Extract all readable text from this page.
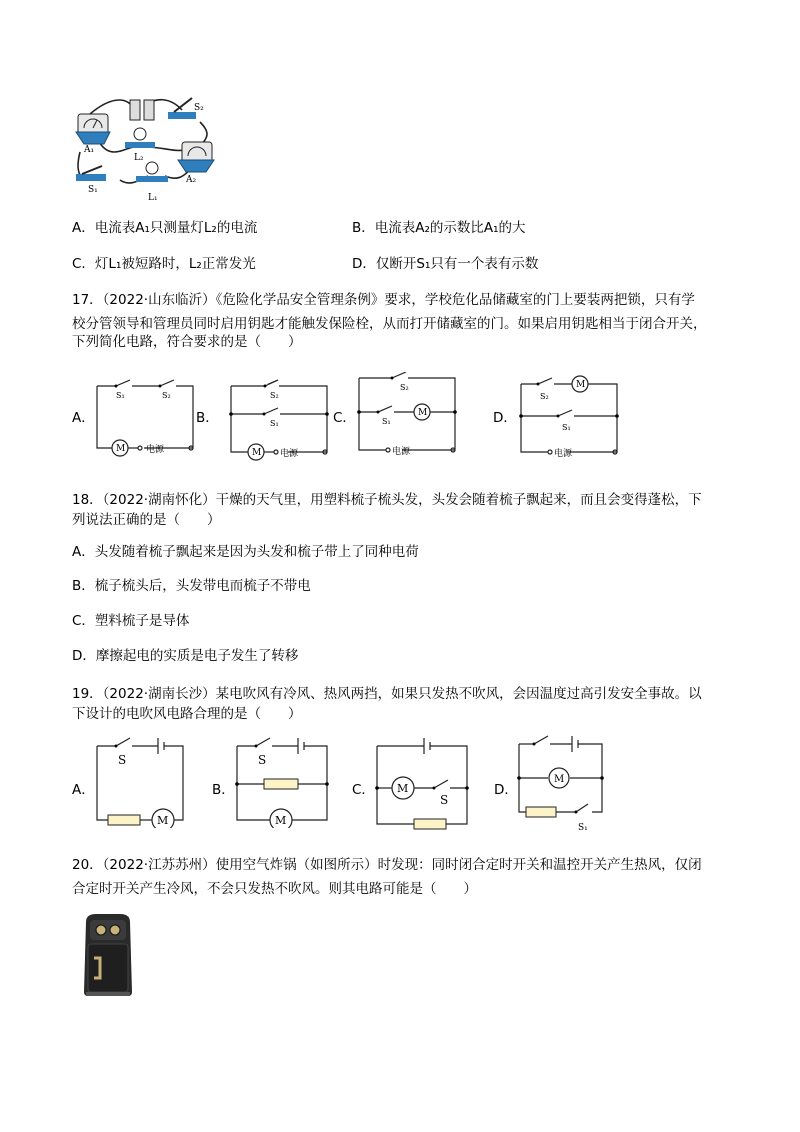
A₁
A₂
L₁
L₂
S₁
S₂
A．电流表A₁只测量灯L₂的电流	B．电流表A₂的示数比A₁的大
C．灯L₁被短路时，L₂正常发光	D．仅断开S₁只有一个表有示数
17．（2022·山东临沂）《危险化学品安全管理条例》要求，学校危化品储藏室的门上要装两把锁，只有学
校分管领导和管理员同时启用钥匙才能触发保险栓，从而打开储藏室的门。如果启用钥匙相当于闭合开关，
下列简化电路，符合要求的是（　　）
A．
S₁	S₂
M 电源
B．
S₂
S₁
M 电源
C．
S₂
S₁
M
电源
D．
S₂
S₁
M
电源
18．（2022·湖南怀化）干燥的天气里，用塑料梳子梳头发，头发会随着梳子飘起来，而且会变得蓬松，下
列说法正确的是（　　）
A．头发随着梳子飘起来是因为头发和梳子带上了同种电荷
B．梳子梳头后，头发带电而梳子不带电
C．塑料梳子是导体
D．摩擦起电的实质是电子发生了转移
19．（2022·湖南长沙）某电吹风有冷风、热风两挡，如果只发热不吹风，会因温度过高引发安全事故。以
下设计的电吹风电路合理的是（　　）
A．
S
M
B．
S
M
C． M
S
D．
M
S₁
20．（2022·江苏苏州）使用空气炸锅（如图所示）时发现：同时闭合定时开关和温控开关产生热风，仅闭
合定时开关产生冷风，不会只发热不吹风。则其电路可能是（　　）
